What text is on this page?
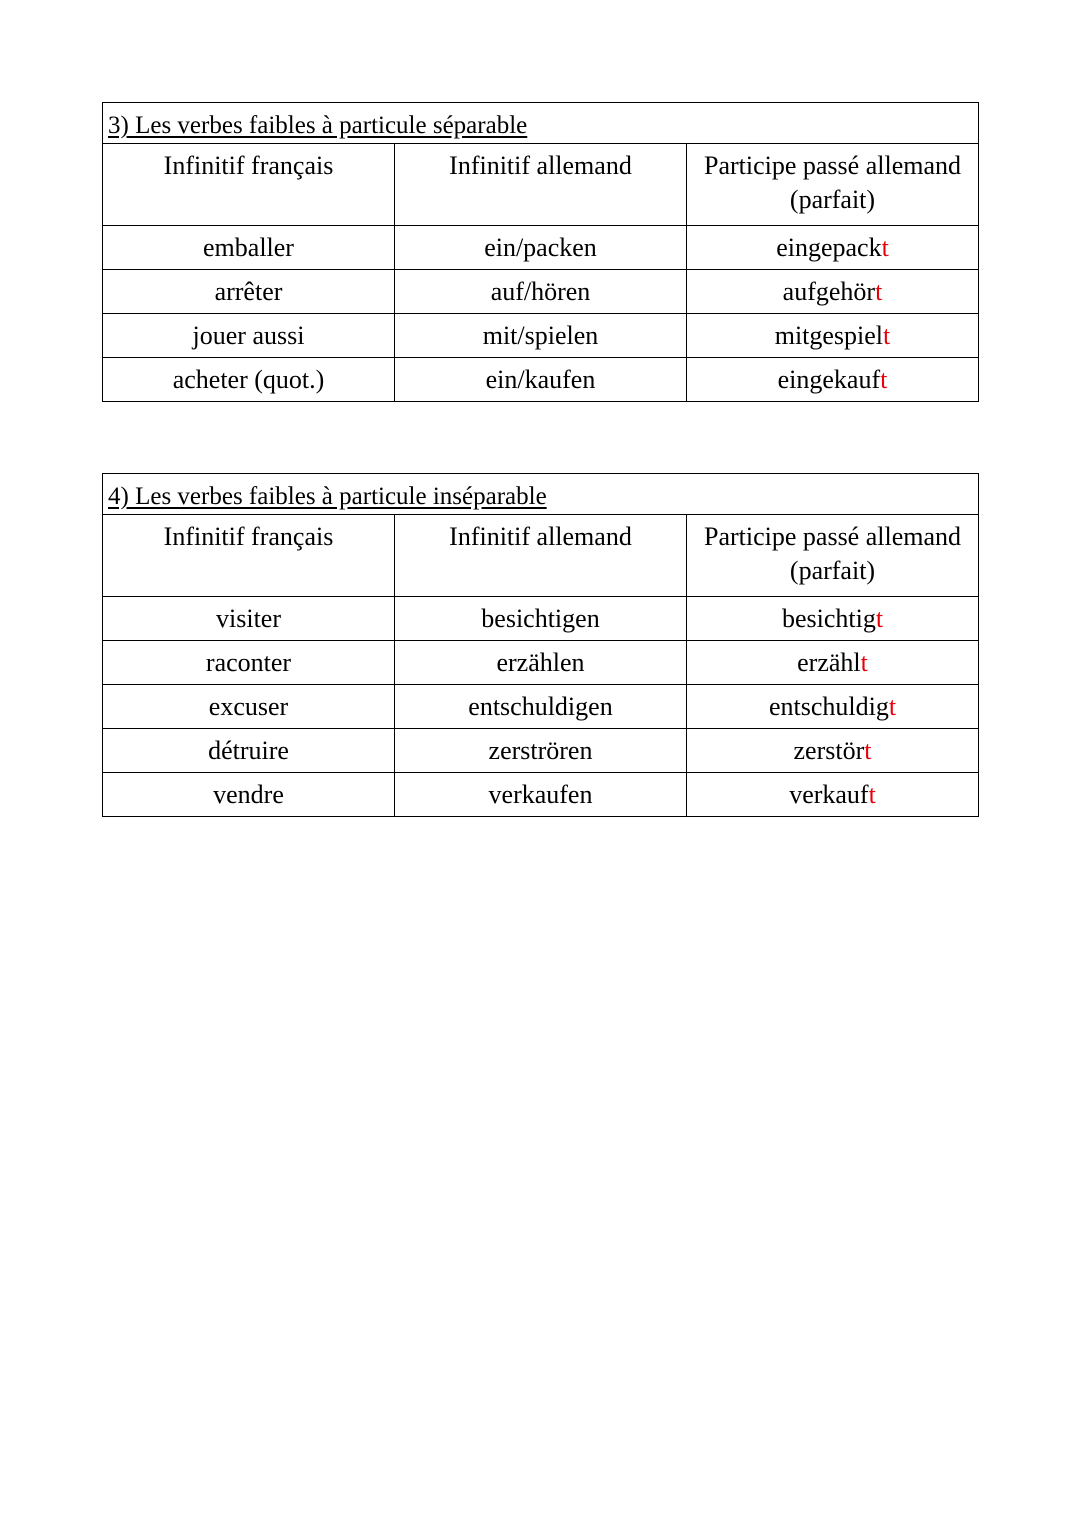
3) Les verbes faibles à particule séparable		
Infinitif français	Infinitif allemand	Participe passé allemand (parfait)
emballer	ein/packen	eingepackt
arrêter	auf/hören	aufgehört
jouer aussi	mit/spielen	mitgespielt
acheter (quot.)	ein/kaufen	eingekauft
4) Les verbes faibles à particule inséparable		
Infinitif français	Infinitif allemand	Participe passé allemand (parfait)
visiter	besichtigen	besichtigt
raconter	erzählen	erzählt
excuser	entschuldigen	entschuldigt
détruire	zerströren	zerstört
vendre	verkaufen	verkauft
